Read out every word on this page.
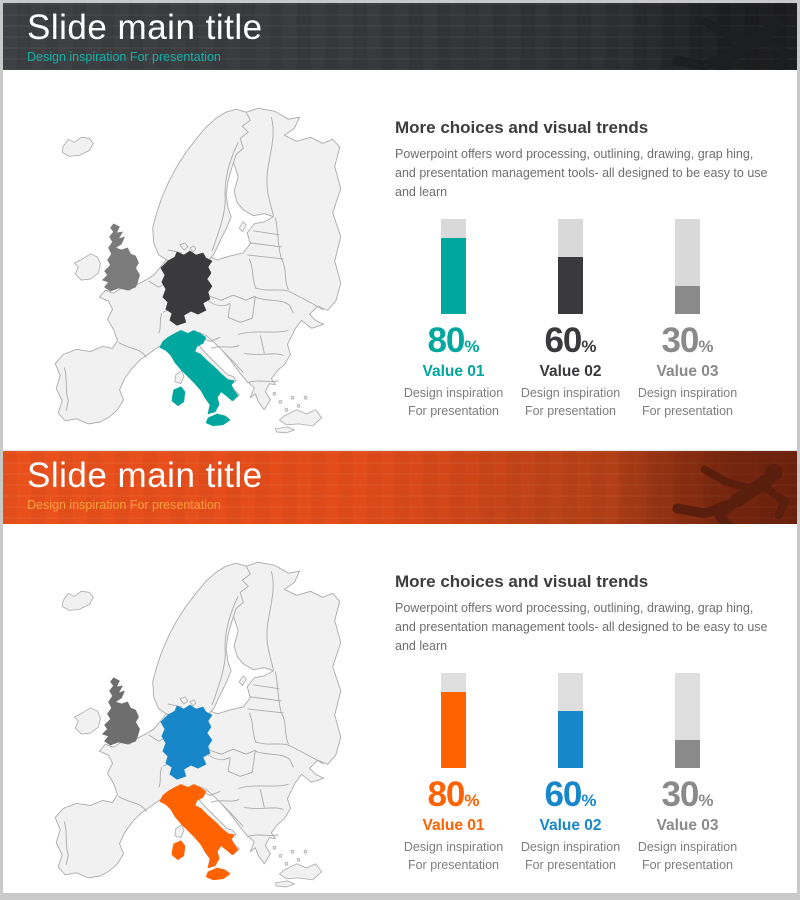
Slide main title
Design inspiration For presentation
More choices and visual trends

Powerpoint offers word processing, outlining, drawing, grap hing, and presentation management tools- all designed to be easy to use and learn

80%
Value 01
Design inspiration
For presentation
60%
Value 02
Design inspiration
For presentation
30%
Value 03
Design inspiration
For presentation
Slide main title
Design inspiration For presentation
More choices and visual trends

Powerpoint offers word processing, outlining, drawing, grap hing, and presentation management tools- all designed to be easy to use and learn

80%
Value 01
Design inspiration
For presentation
60%
Value 02
Design inspiration
For presentation
30%
Value 03
Design inspiration
For presentation
